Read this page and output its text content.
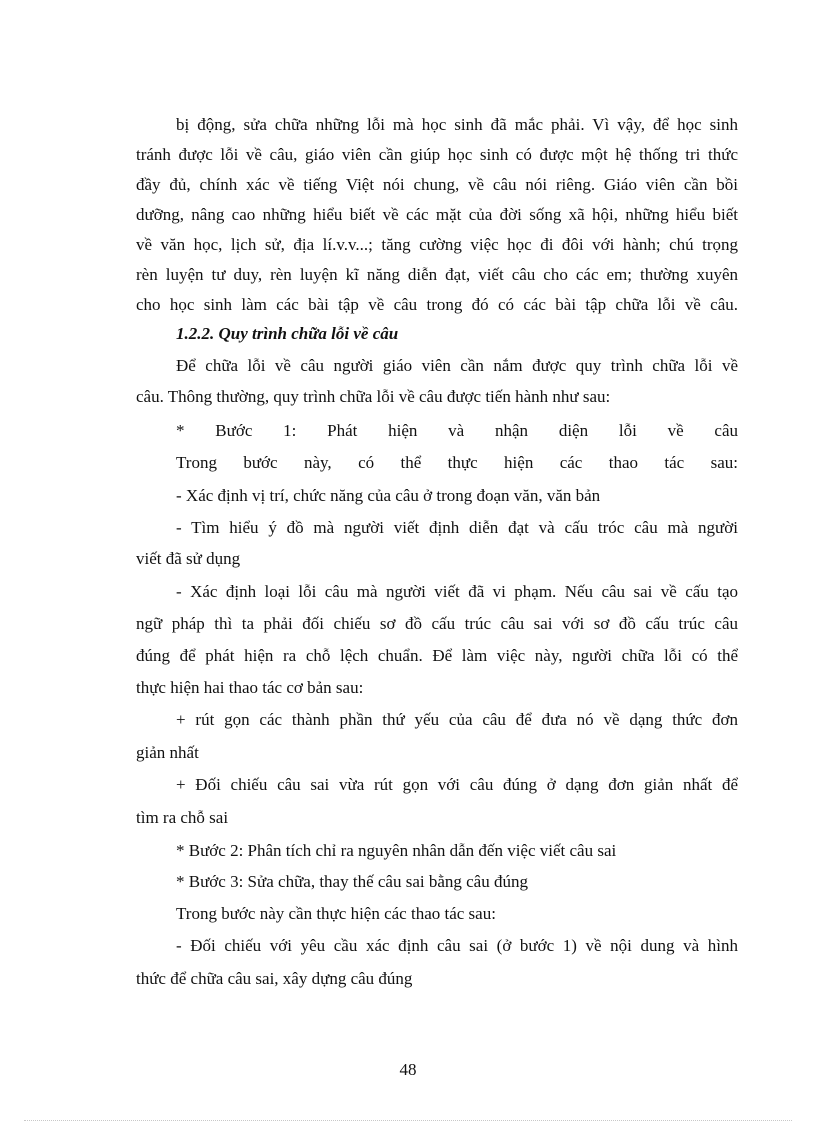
bị động, sửa chữa những lỗi mà học sinh đã mắc phải. Vì vậy, để học sinh
tránh được lỗi về câu, giáo viên cần giúp học sinh có được một hệ thống tri thức
đầy đủ, chính xác về tiếng Việt nói chung, về câu nói riêng. Giáo viên cần bồi
dưỡng, nâng cao những hiểu biết về các mặt của đời sống xã hội, những hiểu biết
về văn học, lịch sử, địa lí.v.v...; tăng cường việc học đi đôi với hành; chú trọng
rèn luyện tư duy, rèn luyện kĩ năng diễn đạt, viết câu cho các em; thường xuyên
cho học sinh làm các bài tập về câu trong đó có các bài tập chữa lỗi về câu.
1.2.2. Quy trình chữa lỗi về câu
Để chữa lỗi về câu người giáo viên cần nắm được quy trình chữa lỗi về
câu. Thông thường, quy trình chữa lỗi về câu được tiến hành như sau:
* Bước 1: Phát hiện và nhận diện lỗi về câu
Trong bước này, có thể thực hiện các thao tác sau:
- Xác định vị trí, chức năng của câu ở trong đoạn văn, văn bản
- Tìm hiểu ý đồ mà người viết định diễn đạt và cấu tróc câu mà người
viết đã sử dụng
- Xác định loại lỗi câu mà người viết đã vi phạm. Nếu câu sai về cấu tạo
ngữ pháp thì ta phải đối chiếu sơ đồ cấu trúc câu sai với sơ đồ cấu trúc câu
đúng để phát hiện ra chỗ lệch chuẩn. Để làm việc này, người chữa lỗi có thể
thực hiện hai thao tác cơ bản sau:
+ rút gọn các thành phần thứ yếu của câu để đưa nó về dạng thức đơn
giản nhất
+ Đối chiếu câu sai vừa rút gọn với câu đúng ở dạng đơn giản nhất để
tìm ra chỗ sai
* Bước 2: Phân tích chỉ ra nguyên nhân dẫn đến việc viết câu sai
* Bước 3: Sửa chữa, thay thế câu sai bằng câu đúng
Trong bước này cần thực hiện các thao tác sau:
- Đối chiếu với yêu cầu xác định câu sai (ở bước 1) về nội dung và hình
thức để chữa câu sai, xây dựng câu đúng
48
